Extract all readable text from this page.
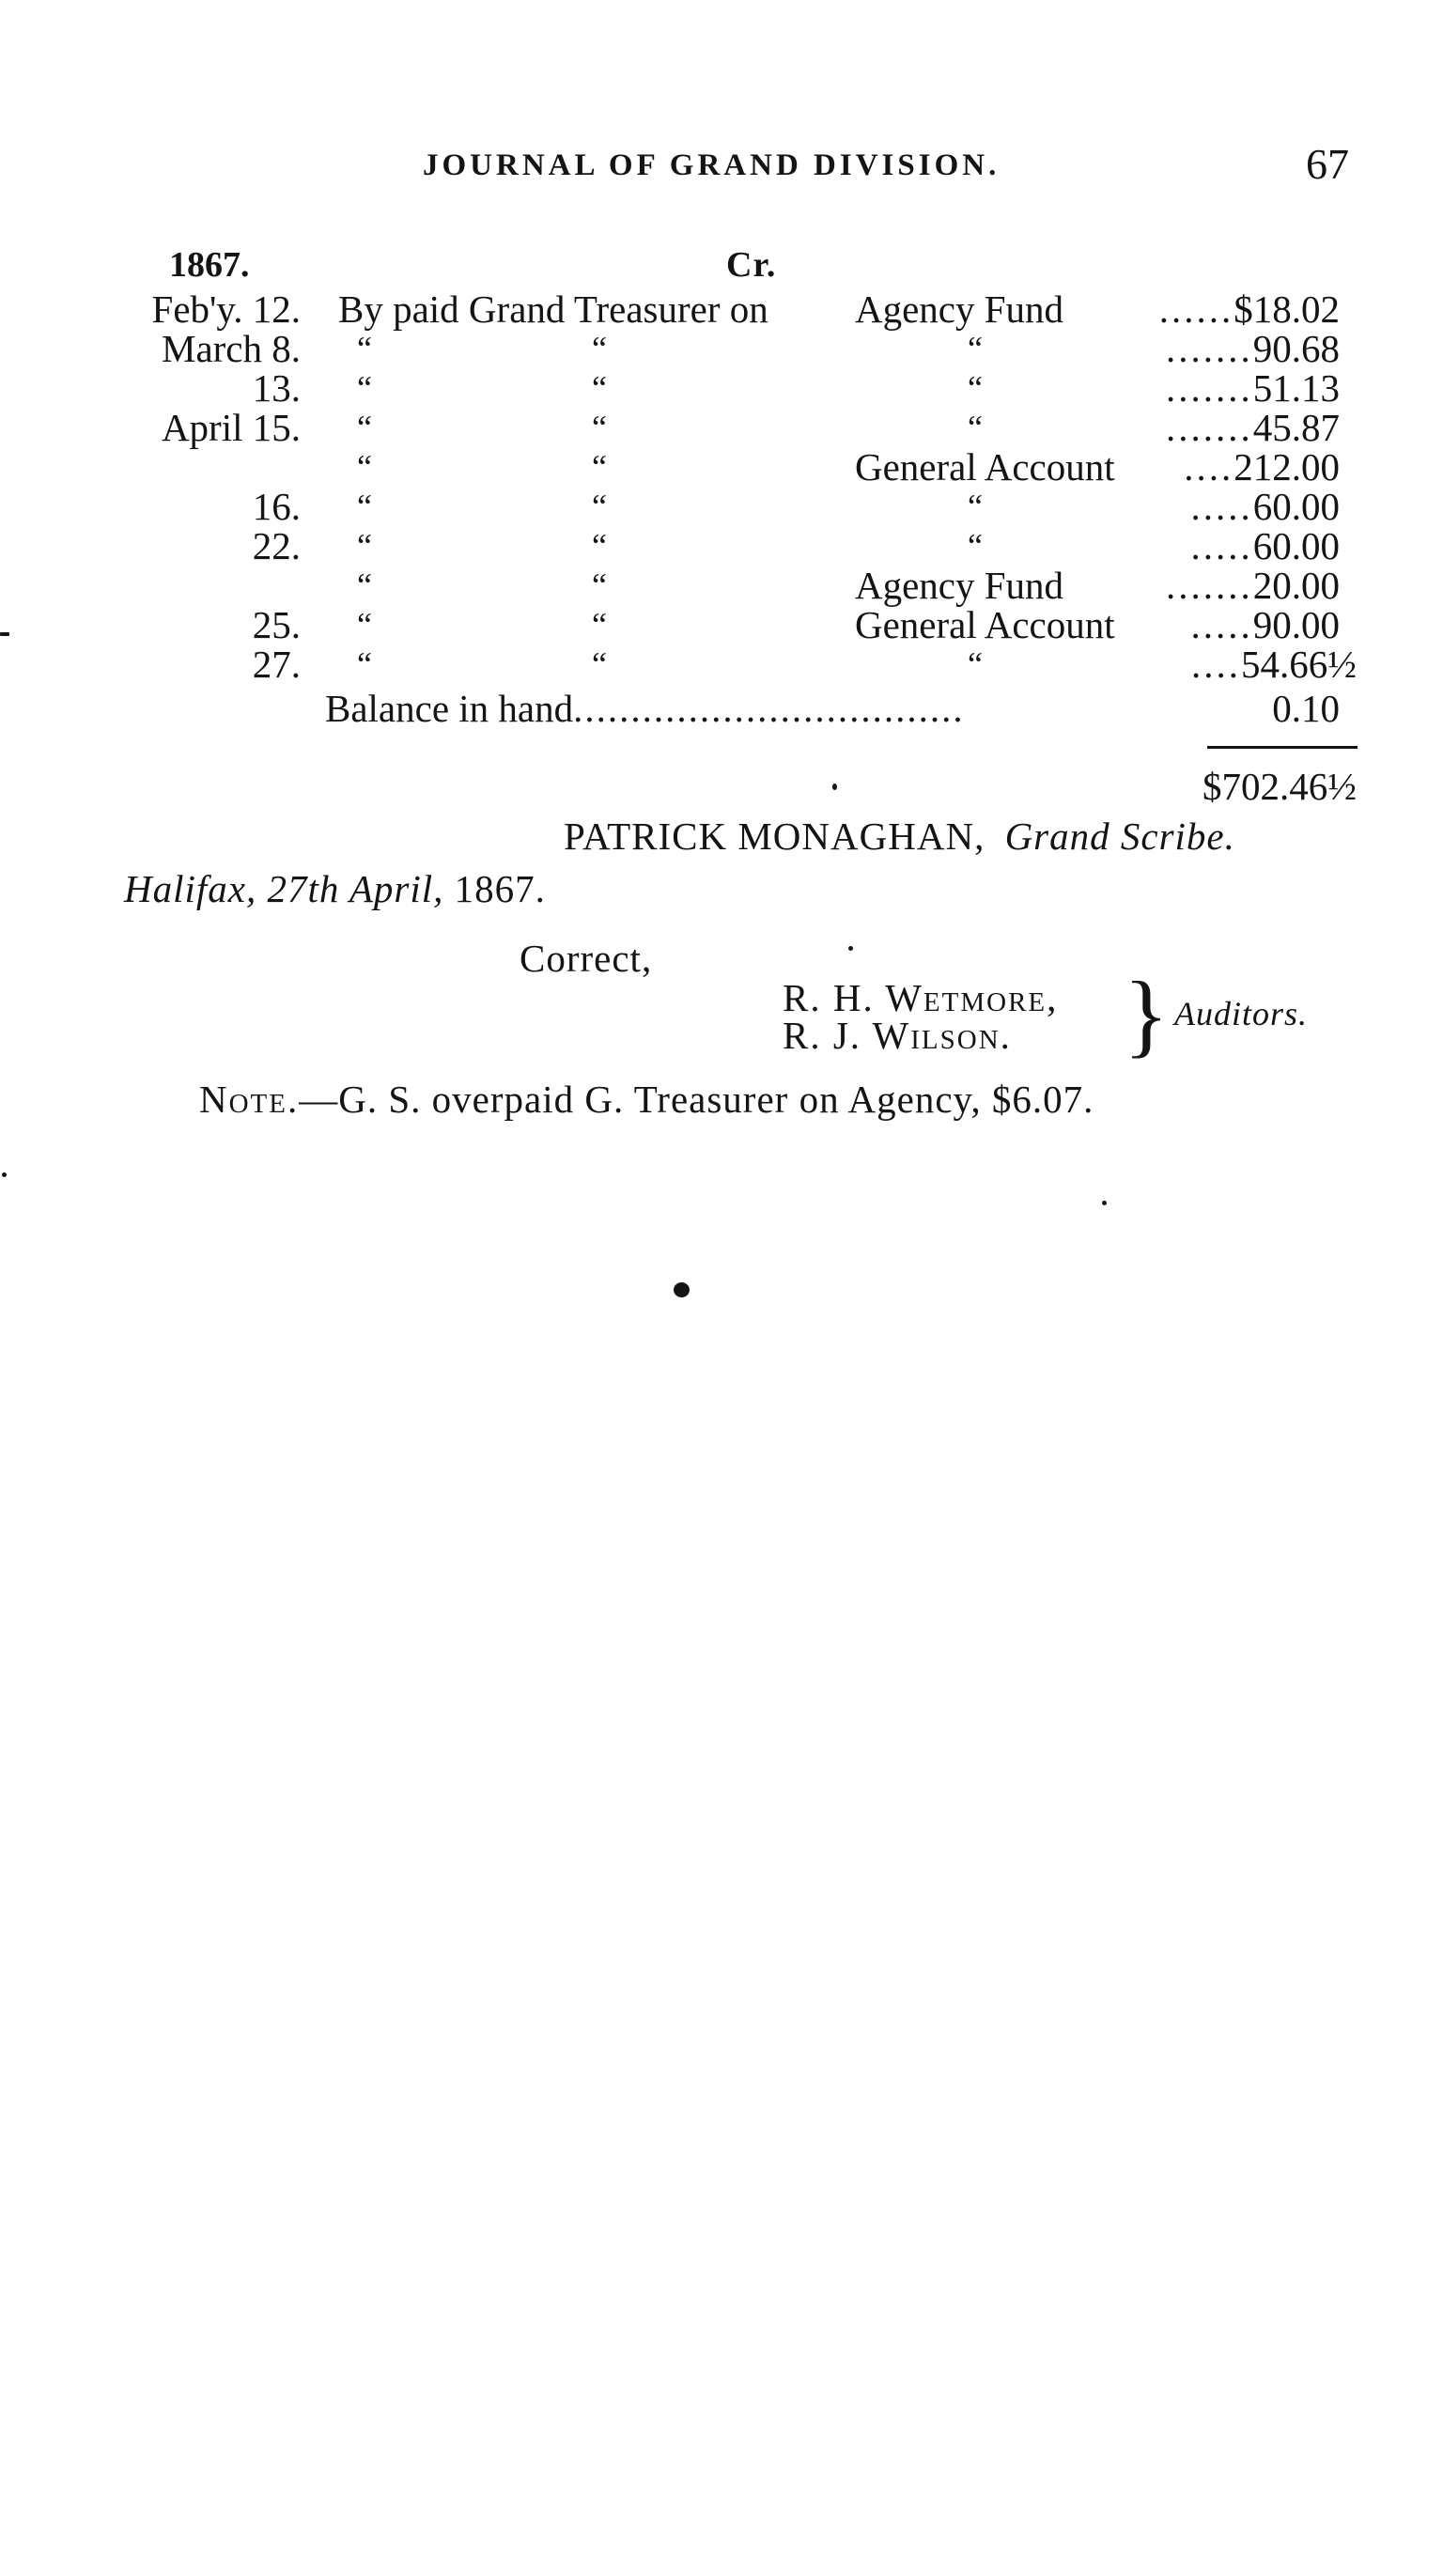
JOURNAL OF GRAND DIVISION.	67
1867.	Cr.
Feb'y. 12. By paid Grand Treasurer on Agency Fund ......$18.02
March 8. “	“	“	.......90.68
13. “	“	“	.......51.13
April 15. “	“	“	.......45.87
“	“	General Account ....212.00
16. “	“	“	.....60.00
22. “	“	“	.....60.00
“	“	Agency Fund	.......20.00
25. “	“	General Account .....90.00
27. “	“	“	....54.66½
Balance in hand..................................	0.10
$702.46½
PATRICK MONAGHAN, Grand Scribe.
Halifax, 27th April, 1867.
Correct,
R. H. Wetmore,
R. J. Wilson. } Auditors.
Note.—G. S. overpaid G. Treasurer on Agency, $6.07.
